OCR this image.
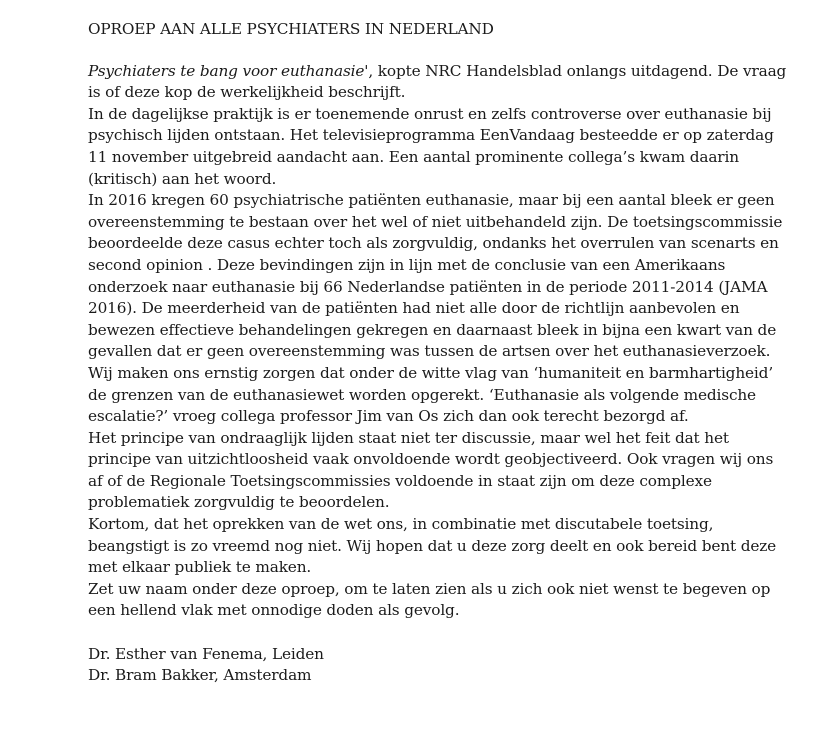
OPROEP AAN ALLE PSYCHIATERS IN NEDERLAND

Psychiaters te bang voor euthanasie', kopte NRC Handelsblad onlangs uitdagend. De vraag is of deze kop de werkelijkheid beschrijft.

In de dagelijkse praktijk is er toenemende onrust en zelfs controverse over euthanasie bij psychisch lijden ontstaan. Het televisieprogramma EenVandaag besteedde er op zaterdag 11 november uitgebreid aandacht aan. Een aantal prominente collega’s kwam daarin (kritisch) aan het woord.

In 2016 kregen 60 psychiatrische patiënten euthanasie, maar bij een aantal bleek er geen overeenstemming te bestaan over het wel of niet uitbehandeld zijn. De toetsingscommissie beoordeelde deze casus echter toch als zorgvuldig, ondanks het overrulen van scenarts en second opinion . Deze bevindingen zijn in lijn met de conclusie van een Amerikaans onderzoek naar euthanasie bij 66 Nederlandse patiënten in de periode 2011-2014 (JAMA 2016). De meerderheid van de patiënten had niet alle door de richtlijn aanbevolen en bewezen effectieve behandelingen gekregen en daarnaast bleek in bijna een kwart van de gevallen dat er geen overeenstemming was tussen de artsen over het euthanasieverzoek.

Wij maken ons ernstig zorgen dat onder de witte vlag van ‘humaniteit en barmhartigheid’ de grenzen van de euthanasiewet worden opgerekt. ‘Euthanasie als volgende medische escalatie?’ vroeg collega professor Jim van Os zich dan ook terecht bezorgd af.

Het principe van ondraaglijk lijden staat niet ter discussie, maar wel het feit dat het principe van uitzichtloosheid vaak onvoldoende wordt geobjectiveerd. Ook vragen wij ons af of de Regionale Toetsingscommissies voldoende in staat zijn om deze complexe problematiek zorgvuldig te beoordelen.

Kortom, dat het oprekken van de wet ons, in combinatie met discutabele toetsing, beangstigt is zo vreemd nog niet. Wij hopen dat u deze zorg deelt en ook bereid bent deze met elkaar publiek te maken.

Zet uw naam onder deze oproep, om te laten zien als u zich ook niet wenst te begeven op een hellend vlak met onnodige doden als gevolg.

Dr. Esther van Fenema, Leiden

Dr. Bram Bakker, Amsterdam
